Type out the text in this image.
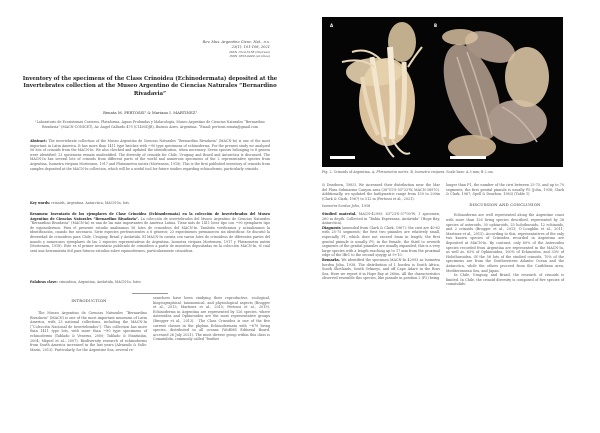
Rev. Mus. Argentino Cienc. Nat., n.s.
23(1): 101-108, 2021
ISSN 1514-5158 (impresa)
ISSN 1853-0400 (en línea)
Inventory of the specimens of the Class Crinoidea (Echinodermata) deposited at the Invertebrates collection at the Museo Argentino de Ciencias Naturales “Bernardino Rivadavia”
Renata M. PERTOSSI¹ & Mariano I. MARTINEZ¹
¹Laboratorio de Ecosistemas Costeros, Plataforma, Aguas Profundas y Malacología, Museo Argentino de Ciencias Naturales “Bernardino Rivadavia” (MACN-CONICET), Av. Ángel Gallardo 470 (C1405DJR), Buenos Aires, Argentina. “Email: pertossi.renata@gmail.com
Abstract: The invertebrate collection of the Museo Argentino de Ciencias Naturales “Bernardino Rivadavia” (MACN-In) is one of the most important in Latin America. It has more than 1411 type batches with ~90 type specimens of echinoderms. For the present study we analyzed 56 lots of crinoids from the MACN-In. We also checked and updated the identification, when necessary. Seven species belonging to 6 genera were identified; 23 specimens remain unidentified. The diversity of crinoids for Chile, Uruguay and Brazil and Antarctica is discussed. The MACN-In has several lots of crinoids from different parts of the world and numerous specimens of the 2 representative species from Argentina, Isometra vivipara Mortensen, 1917 and Phrixometra nutrix (Mortensen, 1918). This is the first published inventory of crinoids from samples deposited at the MACN-In collection, which will be a useful tool for future studies regarding echinoderms, particularly crinoids.
Key words: crinoids, Argentina, Antarctica, MACN-In, lots.
Resumen: Inventario de los ejemplares de Clase Crinoidea (Echinodermata) en la colección de Invertebrados del Museo Argentino de Ciencias Naturales “Bernardino Rivadavia”. La colección de invertebrados del Museo Argentino de Ciencias Naturales “Bernardino Rivadavia” (MACN-In) es una de las más importantes de América Latina. Tiene más de 1411 lotes tipo con ~90 ejemplares tipo de equinodermos. Para el presente estudio analizamos 56 lotes de crinoideos del MACN-In. También verificamos y actualizamos la identificación, cuando fue necesario. Siete especies pertenecientes a 6 géneros; 23 especímenes permanecen sin identificar. Se discutió la diversidad de crinoideos para Chile, Uruguay, Brasil y Antártida. El MACN-In cuenta con varios lotes de crinoideos de diferentes partes del mundo y numerosos ejemplares de las 2 especies representativas de Argentina, Isometra vivipara Mortensen, 1917 y Phrixometra nutrix (Mortensen, 1918). Este es el primer inventario publicado de crinoideos a partir de muestras depositadas en la colección MACN-In, el cual será una herramienta útil para futuros estudios sobre equinodermos, particularmente crinoideos.
Palabras clave: crinoideos, Argentina, Antártida, MACN-In, lotes
INTRODUCTION
The Museo Argentino de Ciencias Naturales “Bernardino Rivadavia” (MACN) is one of the most important museums of Latin America, with 23 national collections, including the MACN-In (“Colección Nacional de Invertebrados”). This collection has more than 1411 type lots, with more than ~90 type specimens of echinoderms (Tablado & Venerus, 2000; Tablado & Mantinián, 2004; Miquel et al., 2007). Biodiversity research of echinoderms from South America increased in the last years (Alvarado & Solís-Marín, 2013). Particularly, for the Argentine Sea, several re-
searchers have been studying their reproductive, ecological, biogeographical, taxonomical, and physiological aspects (Brogger et al., 2013; Martinez et al., 2015; Pertossi et al., 2019). Echinoderms in Argentina are represented by 126 species, where Asteroidea and Ophiuroidea are the most representative groups (Brogger et al., 2013).  The Class Crinoidea is one of the five current classes in the phylum Echinodermata with ~670 living species, distributed in all oceans (WoRMS Editorial Board, accessed 26 July 2021). The most diverse group within this class is Comatulida, commonly called “feather
A	B
Fig. 2. Crinoids of Argentina. A, Phrixometra nutrix. B, Isometra vivipara. Scale bars: A 5 mm; B 2 cm.
& Dearborn, 1983). We increased their distribution near the Mar del Plata Submarine Canyon area (38°51'S-55°33'W, MACN-38970). Additionally, we updated the bathymetric range from 150 to 200m (Clark & Clark, 1967) to 512 m (Pertossi et al., 2021).
Isometra hordea John, 1938
Studied material. MACN-42993: 63°23'S-57°00'W, 1 specimen, 260 m depth. Collected in “Bahía Esperanza, Antártida” (Hope Bay, Antarctica).
Diagnosis (amended from Clark & Clark, 1967): the cirri are 40-62 with 25-75 segments; the first two pinnules are relatively small, especially P1, which does not exceed 5mm in length; the first genital pinnule is usually P5; in the female, the third to seventh segments of the genital pinnules are usually expanded; this is a very large species with a length reaching up to 17 mm from the proximal edge of the IBr1 to the second syzygy at 9+10.
Remarks. We identified the specimen MACN-In 42993 as Isometra hordea John, 1938. The distribution of I. hordea is South Africa, South Shetlands, South Orkneys, and off Cape Adare in the Ross Sea. Here we report it in Hope Bay at 260m. All the characteristics observed resemble this species, like pinnule in position 2 (P2) being
longer than P1, the number of the cirri between 25-75, and up to 70 segments, the first genital pinnule is usually P5 (John, 1938; Clark & Clark, 1967; Spell & Dearbon, 1983) (Table 1)
DISCUSSION AND CONCLUSION
Echinoderms are well represented along the Argentine coast with more than 126 living species described, represented by 38 species of asteroids, 30 ophiuroids, 25 holothuroids, 12 echinoids, and 2 crinoids (Brogger et al., 2013; O´Loughlin et al., 2011; Martinez et al., 2015). According to this, representatives of the only two known species of Crinoidea recorded in Argentina are deposited at MACN-In. By contrast, only 60% of the Asteroidea species recorded from Argentina are represented in the MACN-In, as well as, 63% of Ophiuroidea, 100% of Echinoidea, and 33% of Holothuroidea. Of the 56 lots of the studied crinoids, 70% of the specimens are from the Southwestern Atlantic Ocean and the Antarctica, while the others proceed from the Caribbean area, Mediterranean Sea, and Japan.
In Chile, Uruguay, and Brazil, the research of crinoids is limited. In Chile, the crinoid diversity is composed of five species of comatulids:
